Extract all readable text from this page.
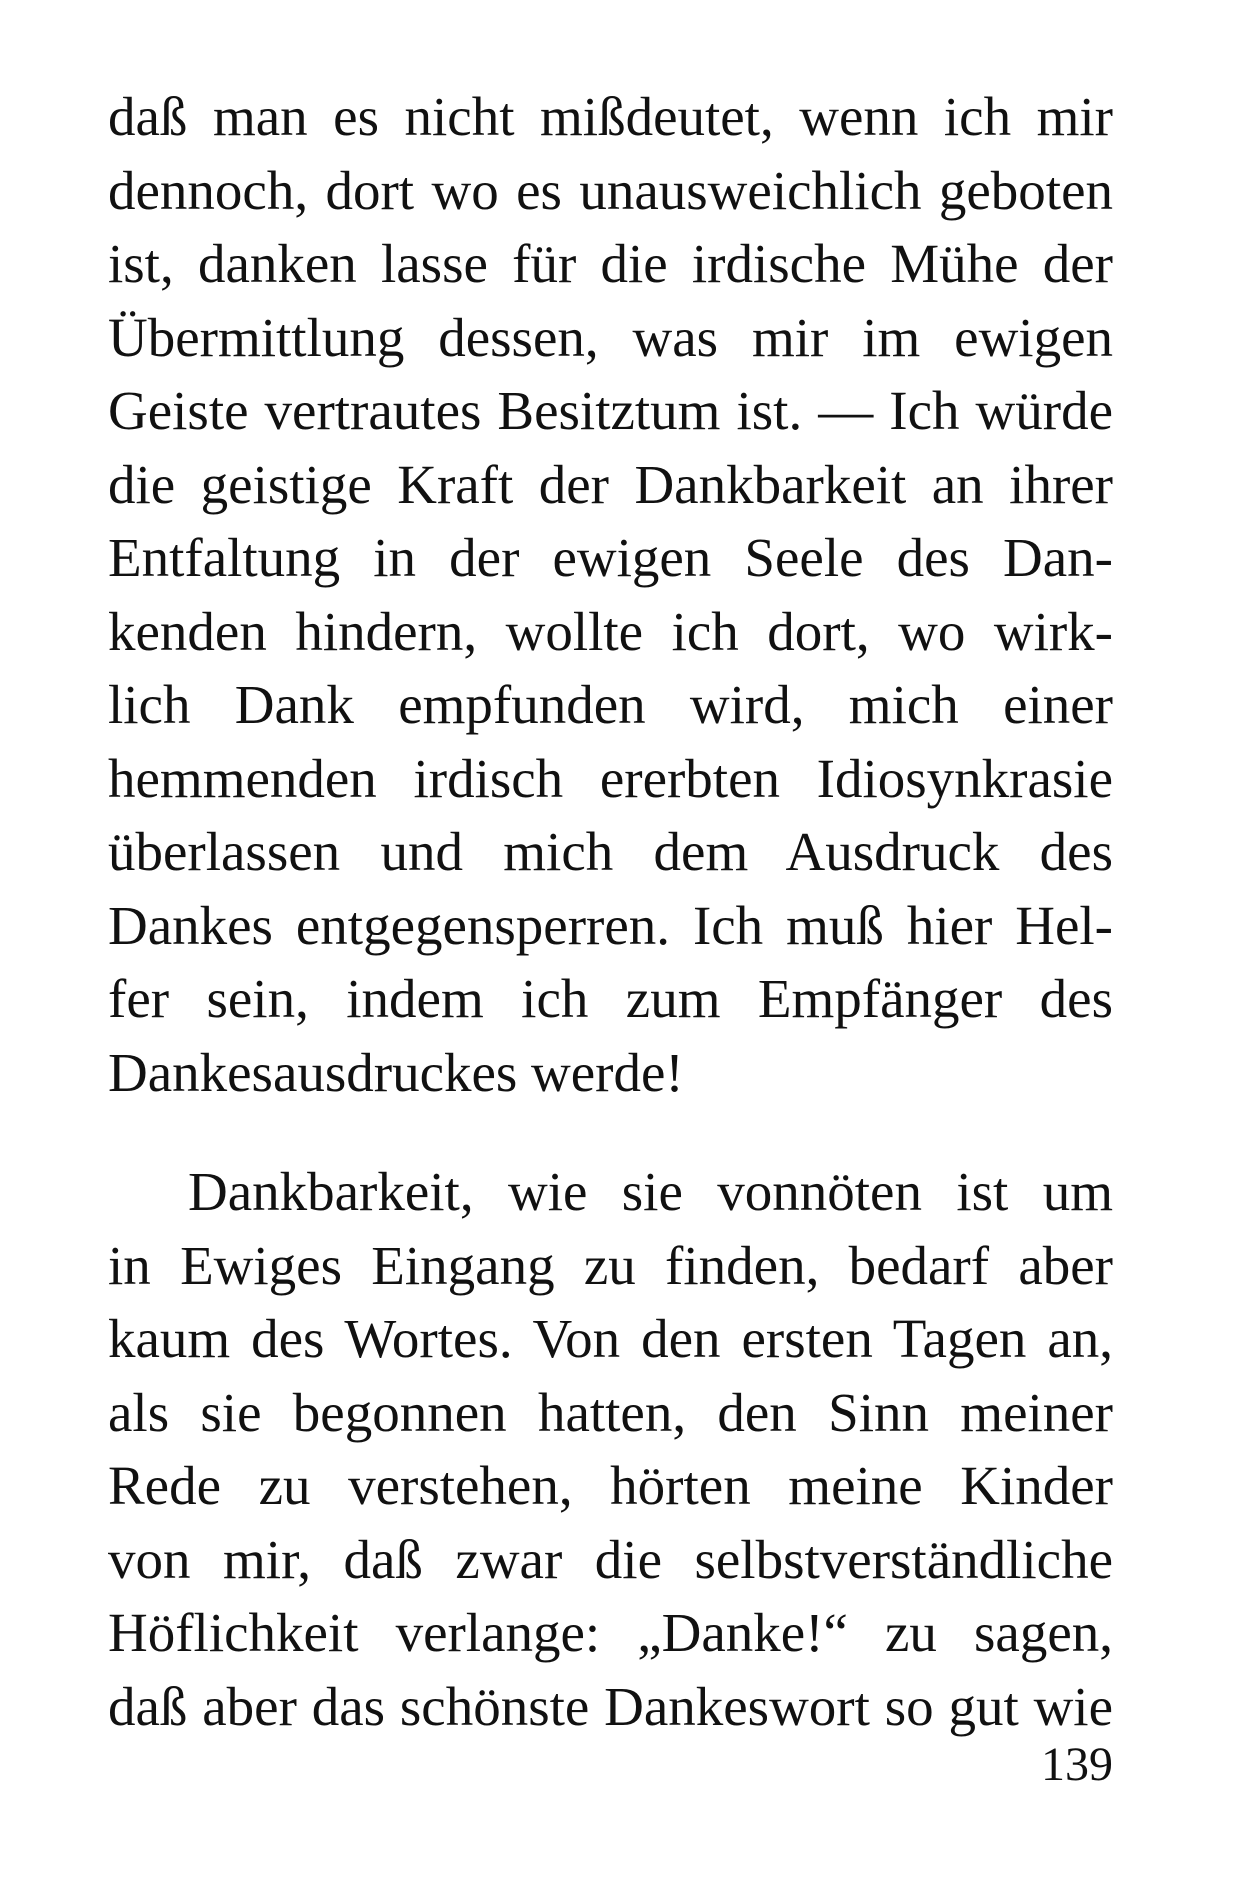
daß man es nicht mißdeutet, wenn ich mir
dennoch, dort wo es unausweichlich geboten
ist, danken lasse für die irdische Mühe der
Übermittlung dessen, was mir im ewigen
Geiste vertrautes Besitztum ist. — Ich würde
die geistige Kraft der Dankbarkeit an ihrer
Entfaltung in der ewigen Seele des Dan-
kenden hindern, wollte ich dort, wo wirk-
lich Dank empfunden wird, mich einer
hemmenden irdisch ererbten Idiosynkrasie
überlassen und mich dem Ausdruck des
Dankes entgegensperren. Ich muß hier Hel-
fer sein, indem ich zum Empfänger des
Dankesausdruckes werde!
Dankbarkeit, wie sie vonnöten ist um
in Ewiges Eingang zu finden, bedarf aber
kaum des Wortes. Von den ersten Tagen an,
als sie begonnen hatten, den Sinn meiner
Rede zu verstehen, hörten meine Kinder
von mir, daß zwar die selbstverständliche
Höflichkeit verlange: „Danke!“ zu sagen,
daß aber das schönste Dankeswort so gut wie

139
